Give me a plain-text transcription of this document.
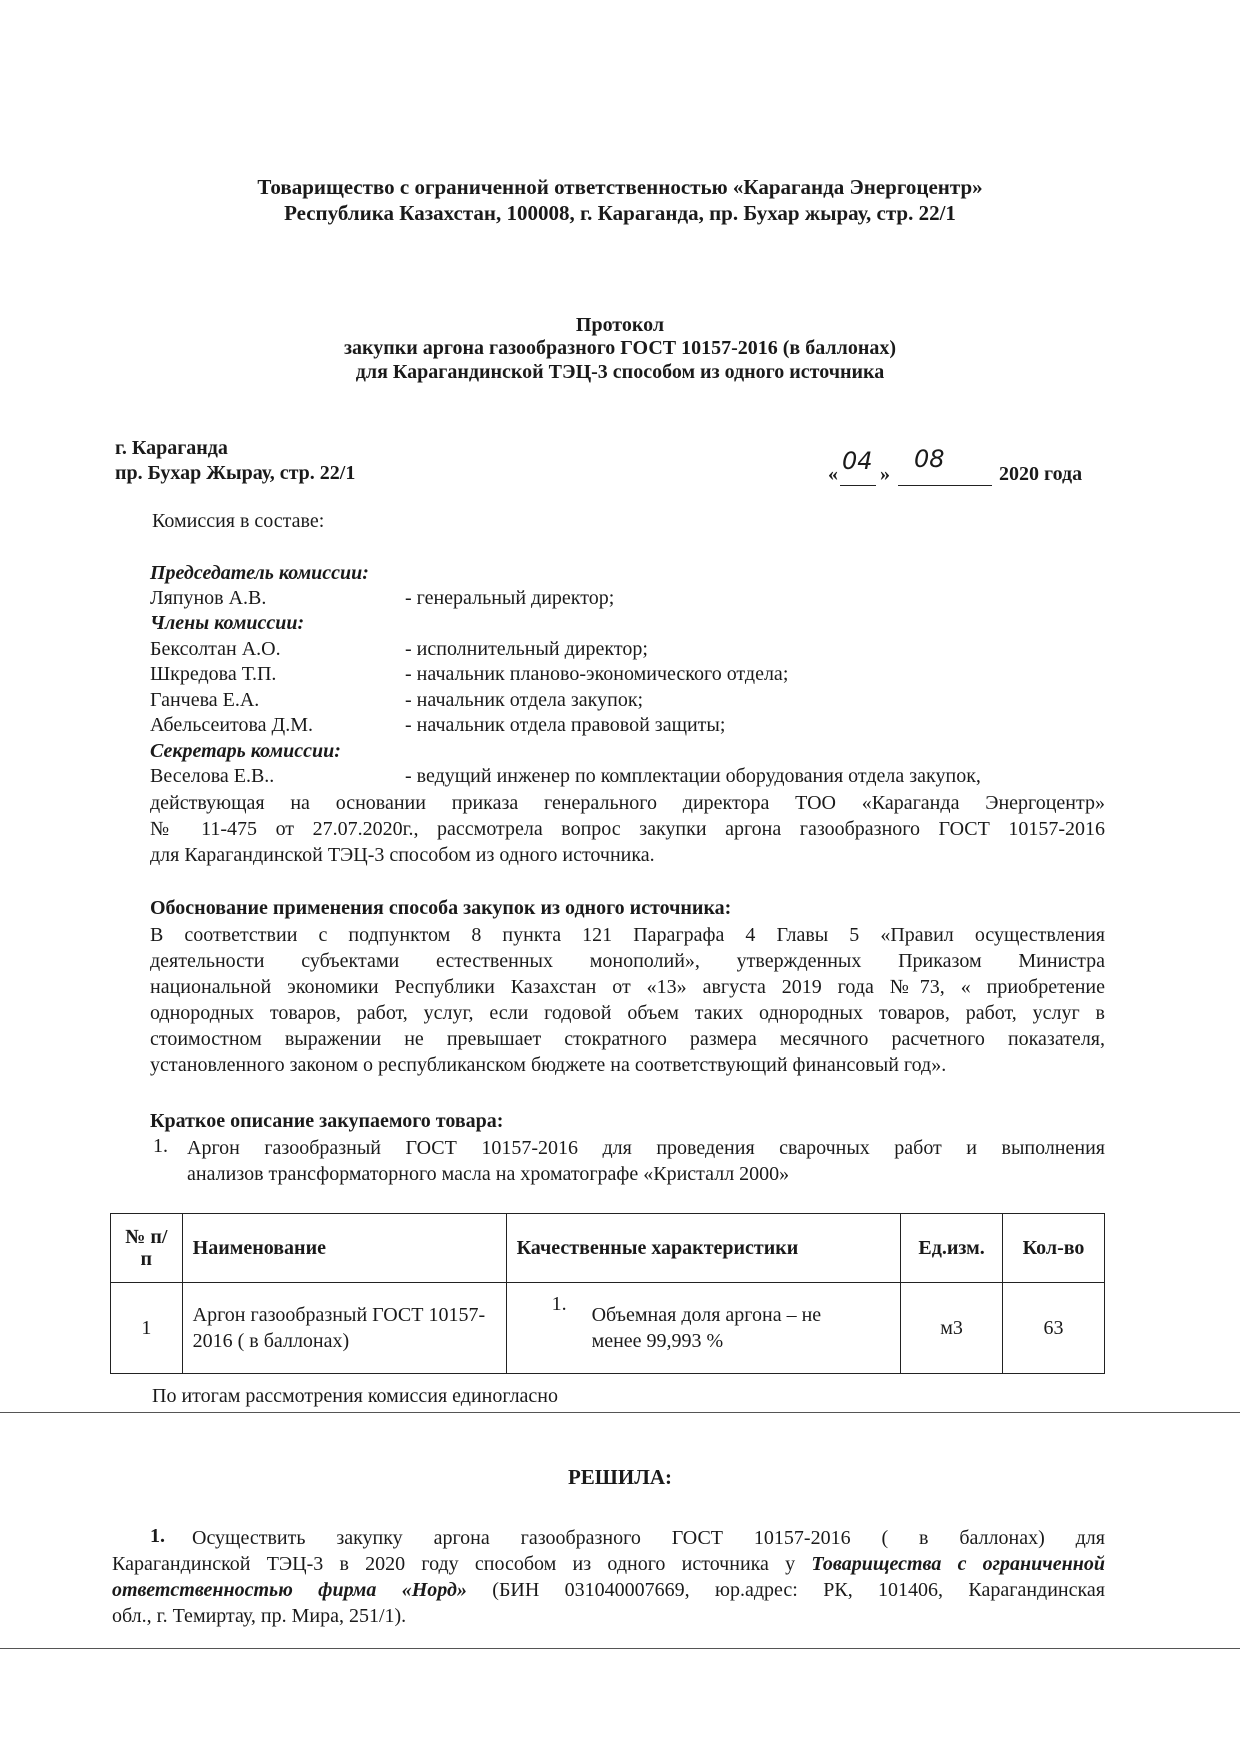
Товарищество с ограниченной ответственностью «Караганда Энергоцентр»
Республика Казахстан, 100008, г. Караганда, пр. Бухар жырау, стр. 22/1
Протокол
закупки аргона газообразного ГОСТ 10157-2016 (в баллонах)
для Карагандинской ТЭЦ-3 способом из одного источника
г. Караганда
пр. Бухар Жырау, стр. 22/1	« 04 »
08
2020 года
Комиссия в составе:
Председатель комиссии:
Ляпунов А.В.	- генеральный директор;
Члены комиссии:
Бексолтан А.О.	- исполнительный директор;
Шкредова Т.П.	- начальник планово-экономического отдела;
Ганчева Е.А.	- начальник отдела закупок;
Абельсеитова Д.М.	- начальник отдела правовой защиты;
Секретарь комиссии:
Веселова Е.В..	- ведущий инженер по комплектации оборудования отдела закупок,
действующая на основании приказа генерального директора ТОО «Караганда Энергоцентр»
№ 11-475 от 27.07.2020г., рассмотрела вопрос закупки аргона газообразного ГОСТ 10157-2016
для Карагандинской ТЭЦ-3 способом из одного источника.
Обоснование применения способа закупок из одного источника:
В соответствии с подпунктом 8 пункта 121 Параграфа 4 Главы 5 «Правил осуществления
деятельности субъектами естественных монополий», утвержденных Приказом Министра
национальной экономики Республики Казахстан от «13» августа 2019 года №73, « приобретение
однородных товаров, работ, услуг, если годовой объем таких однородных товаров, работ, услуг в
стоимостном выражении не превышает стократного размера месячного расчетного показателя,
установленного законом о республиканском бюджете на соответствующий финансовый год».
Краткое описание закупаемого товара:
1. Аргон газообразный ГОСТ 10157-2016 для проведения сварочных работ и выполнения
анализов трансформаторного масла на хроматографе «Кристалл 2000»
№ п/п	Наименование	Качественные характеристики	Ед.изм.	Кол-во
1	Аргон газообразный ГОСТ 10157-2016 ( в баллонах)	1. Объемная доля аргона – не менее 99,993 %	м3	63
По итогам рассмотрения комиссия единогласно
РЕШИЛА:
1.	Осуществить закупку аргона газообразного ГОСТ 10157-2016 ( в баллонах) для
Карагандинской ТЭЦ-3 в 2020 году способом из одного источника у Товарищества с ограниченной
ответственностью фирма «Норд» (БИН 031040007669, юр.адрес: РК, 101406, Карагандинская
обл., г. Темиртау, пр. Мира, 251/1).
